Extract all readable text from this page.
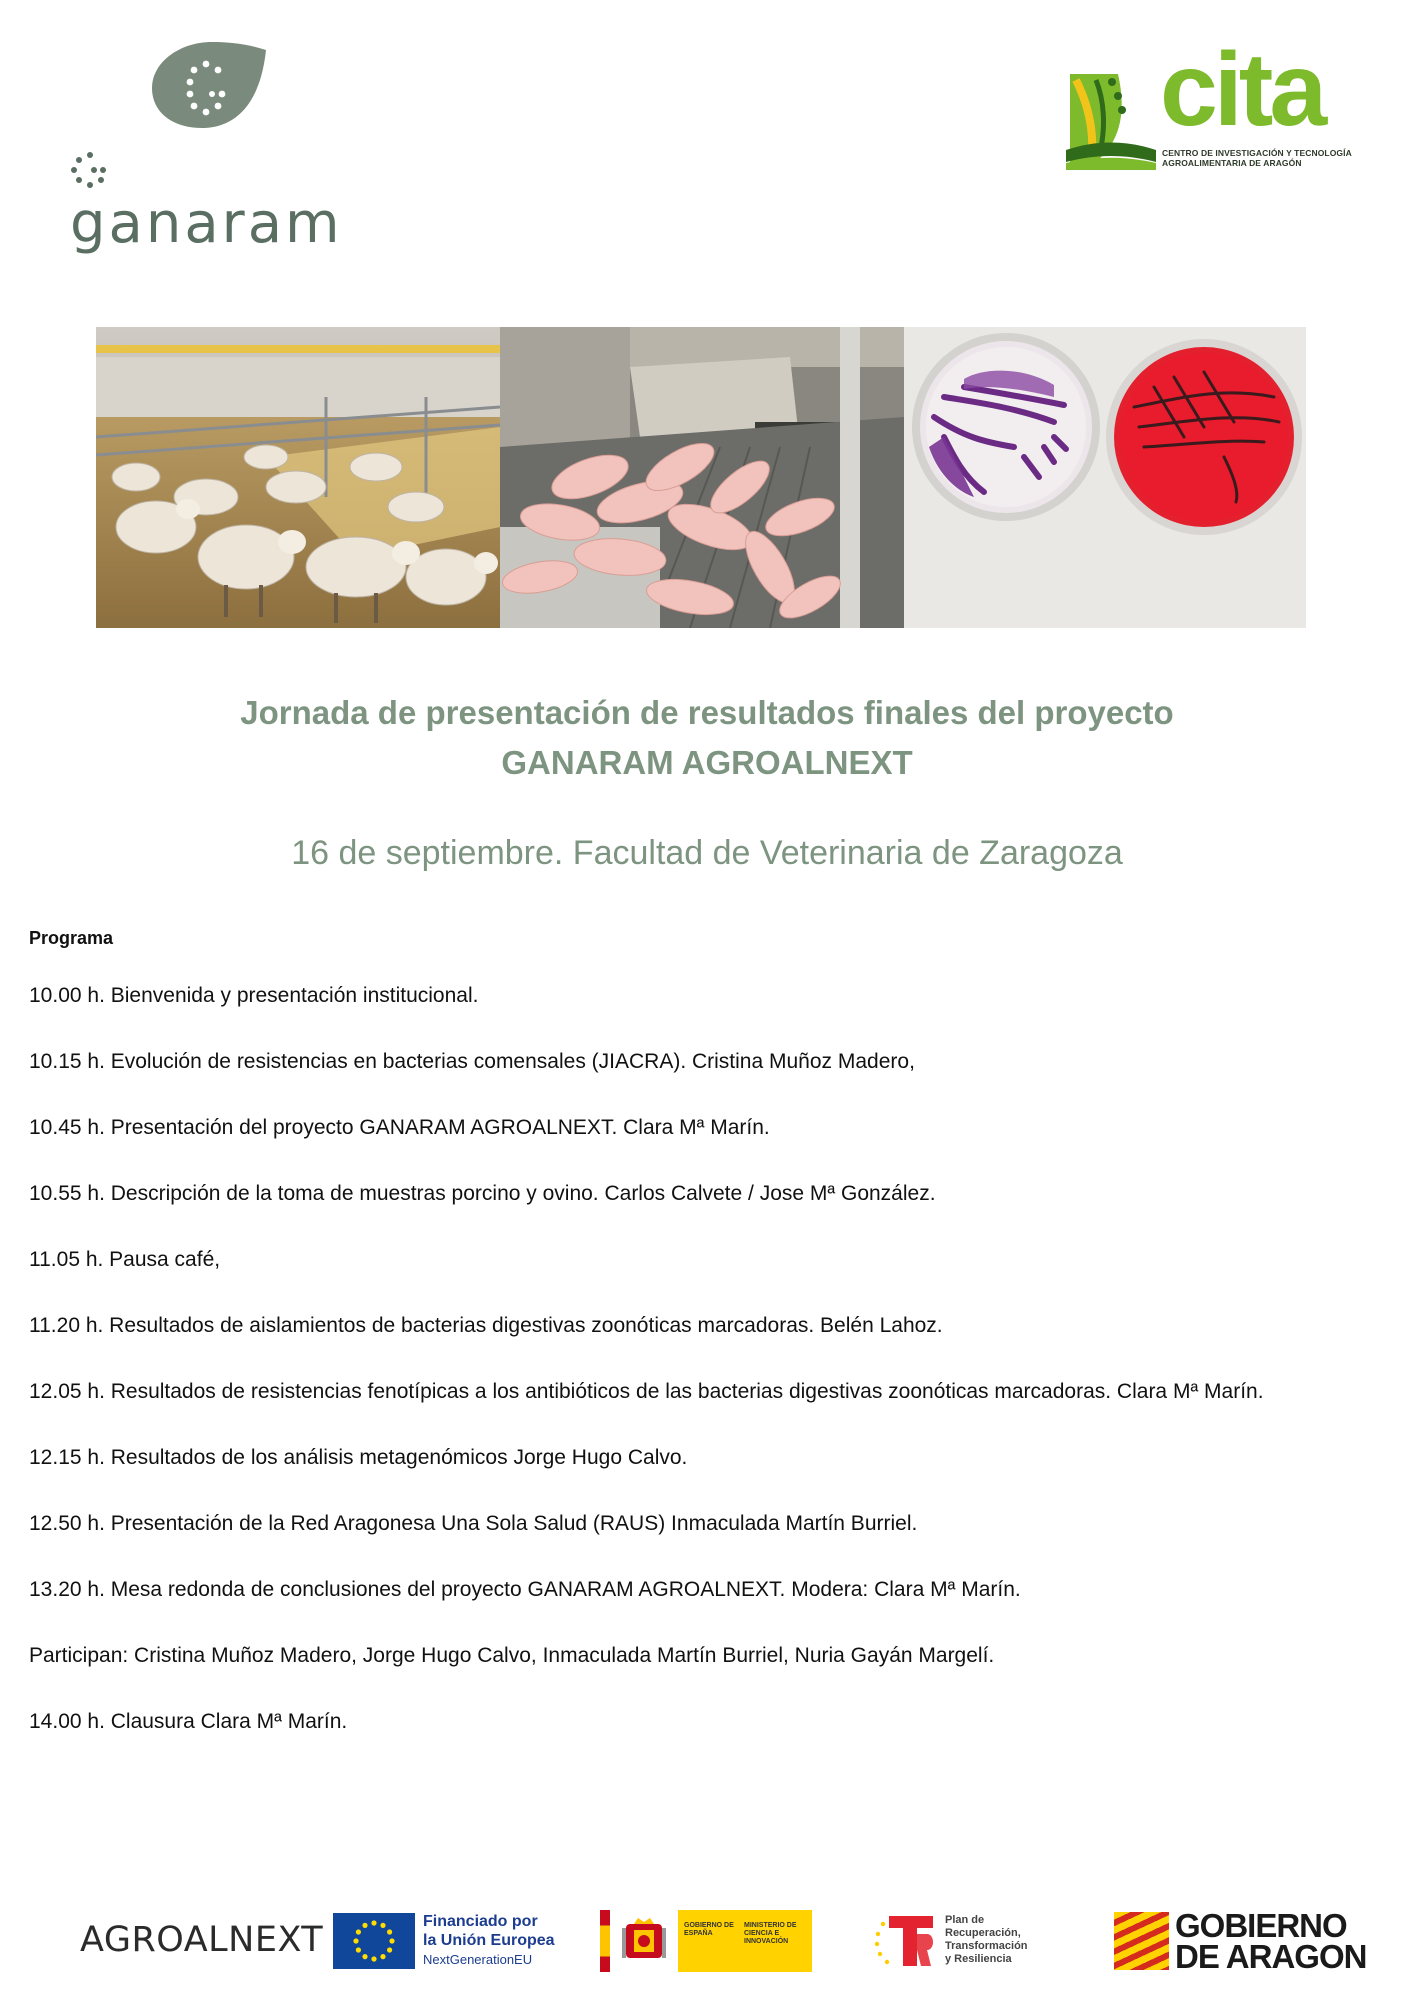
ganaram
cita
CENTRO DE INVESTIGACIÓN Y TECNOLOGÍA
AGROALIMENTARIA DE ARAGÓN
Jornada de presentación de resultados finales del proyecto
GANARAM AGROALNEXT
16 de septiembre. Facultad de Veterinaria de Zaragoza
Programa
10.00 h. Bienvenida y presentación institucional.
10.15 h. Evolución de resistencias en bacterias comensales (JIACRA). Cristina Muñoz Madero,
10.45 h. Presentación del proyecto GANARAM AGROALNEXT. Clara Mª Marín.
10.55 h. Descripción de la toma de muestras porcino y ovino. Carlos Calvete / Jose Mª González.
11.05 h. Pausa café,
11.20 h. Resultados de aislamientos de bacterias digestivas zoonóticas marcadoras. Belén Lahoz.
12.05 h. Resultados de resistencias fenotípicas a los antibióticos de las bacterias digestivas zoonóticas marcadoras. Clara Mª Marín.
12.15 h. Resultados de los análisis metagenómicos Jorge Hugo Calvo.
12.50 h. Presentación de la Red Aragonesa Una Sola Salud (RAUS) Inmaculada Martín Burriel.
13.20 h. Mesa redonda de conclusiones del proyecto GANARAM AGROALNEXT. Modera: Clara Mª Marín.
Participan: Cristina Muñoz Madero, Jorge Hugo Calvo, Inmaculada Martín Burriel, Nuria Gayán Margelí.
14.00 h. Clausura Clara Mª Marín.
AGROALNEXT	Financiado por
la Unión Europea
NextGenerationEU
GOBIERNO DE ESPAÑA
MINISTERIO DE CIENCIA E INNOVACIÓN
Plan de
Recuperación,
Transformación
y Resiliencia
GOBIERNO
DE ARAGON
